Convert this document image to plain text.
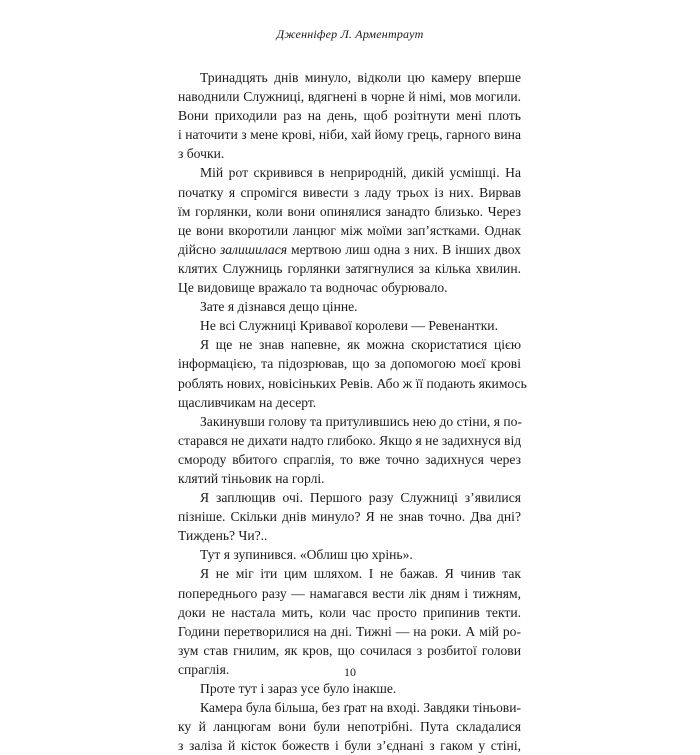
Дженніфер Л. Арментраут
Тринадцять днів минуло, відколи цю камеру вперше
наводнили Служниці, вдягнені в чорне й німі, мов могили.
Вони приходили раз на день, щоб розітнути мені плоть
і наточити з мене крові, ніби, хай йому грець, гарного вина
з бочки.
Мій рот скривився в неприродній, дикій усмішці. На
початку я спромігся вивести з ладу трьох із них. Вирвав
їм горлянки, коли вони опинялися занадто близько. Через
це вони вкоротили ланцюг між моїми зап’ястками. Однак
дійсно залишилася мертвою лиш одна з них. В інших двох
клятих Служниць горлянки затягнулися за кілька хвилин.
Це видовище вражало та водночас обурювало.
Зате я дізнався дещо цінне.
Не всі Служниці Кривавої королеви — Ревенантки.
Я ще не знав напевне, як можна скористатися цією
інформацією, та підозрював, що за допомогою моєї крові
роблять нових, новісіньких Ревів. Або ж її подають якимось
щасливчикам на десерт.
Закинувши голову та притулившись нею до стіни, я по-
старався не дихати надто глибоко. Якщо я не задихнуся від
смороду вбитого спраглія, то вже точно задихнуся через
клятий тіньовик на горлі.
Я заплющив очі. Першого разу Служниці з’явилися
пізніше. Скільки днів минуло? Я не знав точно. Два дні?
Тиждень? Чи?..
Тут я зупинився. «Облиш цю хрінь».
Я не міг іти цим шляхом. І не бажав. Я чинив так
попереднього разу — намагався вести лік дням і тижням,
доки не настала мить, коли час просто припинив текти.
Години перетворилися на дні. Тижні — на роки. А мій ро-
зум став гнилим, як кров, що сочилася з розбитої голови
спраглія.
Проте тут і зараз усе було інакше.
Камера була більша, без ґрат на вході. Завдяки тіньови-
ку й ланцюгам вони були непотрібні. Пута складалися
з заліза й кісток божеств і були з’єднані з гаком у стіні,
10
